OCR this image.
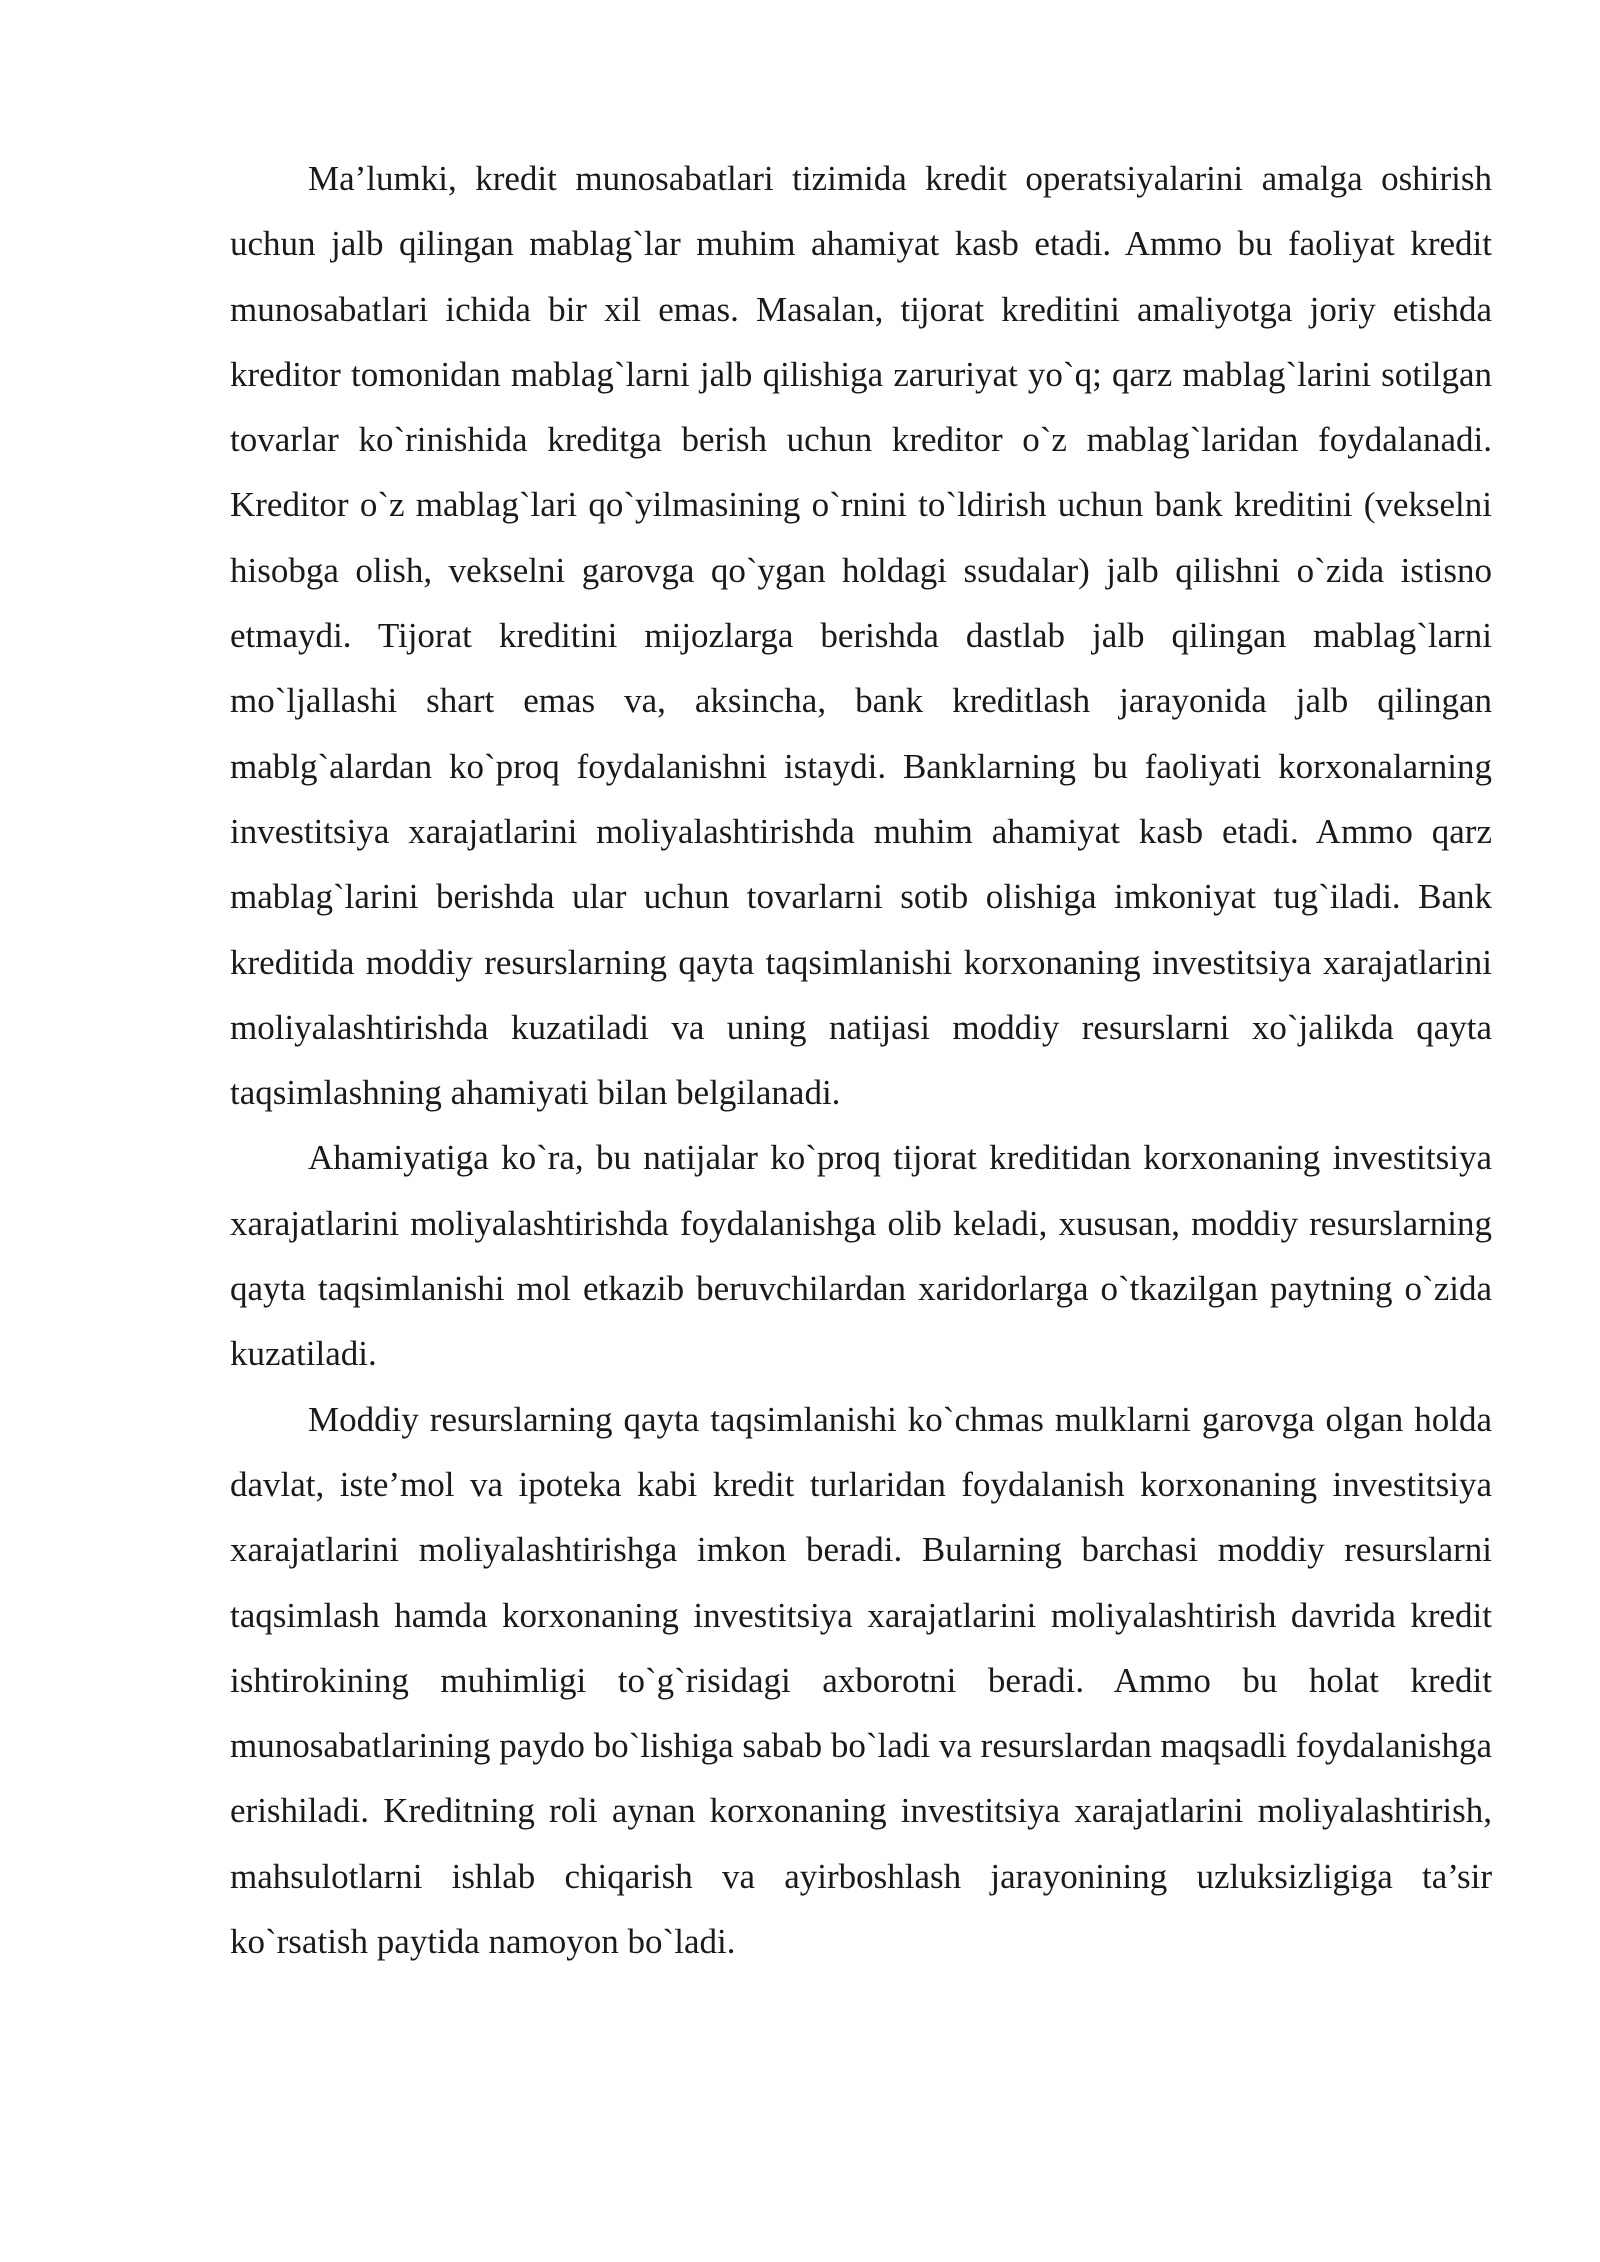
Ma’lumki, kredit munosabatlari tizimida kredit operatsiyalarini amalga oshirish uchun jalb qilingan mablag`lar muhim ahamiyat kasb etadi. Ammo bu faoliyat kredit munosabatlari ichida bir xil emas. Masalan, tijorat kreditini amaliyotga joriy etishda kreditor tomonidan mablag`larni jalb qilishiga zaruriyat yo`q; qarz mablag`larini sotilgan tovarlar ko`rinishida kreditga berish uchun kreditor o`z mablag`laridan foydalanadi. Kreditor o`z mablag`lari qo`yilmasining o`rnini to`ldirish uchun bank kreditini (vekselni hisobga olish, vekselni garovga qo`ygan holdagi ssudalar) jalb qilishni o`zida istisno etmaydi. Tijorat kreditini mijozlarga berishda dastlab jalb qilingan mablag`larni mo`ljallashi shart emas va, aksincha, bank kreditlash jarayonida jalb qilingan mablg`alardan ko`proq foydalanishni istaydi. Banklarning bu faoliyati korxonalarning investitsiya xarajatlarini moliyalashtirishda muhim ahamiyat kasb etadi. Ammo qarz mablag`larini berishda ular uchun tovarlarni sotib olishiga imkoniyat tug`iladi. Bank kreditida moddiy resurslarning qayta taqsimlanishi korxonaning investitsiya xarajatlarini moliyalashtirishda kuzatiladi va uning natijasi moddiy resurslarni xo`jalikda qayta taqsimlashning ahamiyati bilan belgilanadi.

Ahamiyatiga ko`ra, bu natijalar ko`proq tijorat kreditidan korxonaning investitsiya xarajatlarini moliyalashtirishda foydalanishga olib keladi, xususan, moddiy resurslarning qayta taqsimlanishi mol etkazib beruvchilardan xaridorlarga o`tkazilgan paytning o`zida kuzatiladi.

Moddiy resurslarning qayta taqsimlanishi ko`chmas mulklarni garovga olgan holda davlat, iste’mol va ipoteka kabi kredit turlaridan foydalanish korxonaning investitsiya xarajatlarini moliyalashtirishga imkon beradi. Bularning barchasi moddiy resurslarni taqsimlash hamda korxonaning investitsiya xarajatlarini moliyalashtirish davrida kredit ishtirokining muhimligi to`g`risidagi axborotni beradi. Ammo bu holat kredit munosabatlarining paydo bo`lishiga sabab bo`ladi va resurslardan maqsadli foydalanishga erishiladi. Kreditning roli aynan korxonaning investitsiya xarajatlarini moliyalashtirish, mahsulotlarni ishlab chiqarish va ayirboshlash jarayonining uzluksizligiga ta’sir ko`rsatish paytida namoyon bo`ladi.
